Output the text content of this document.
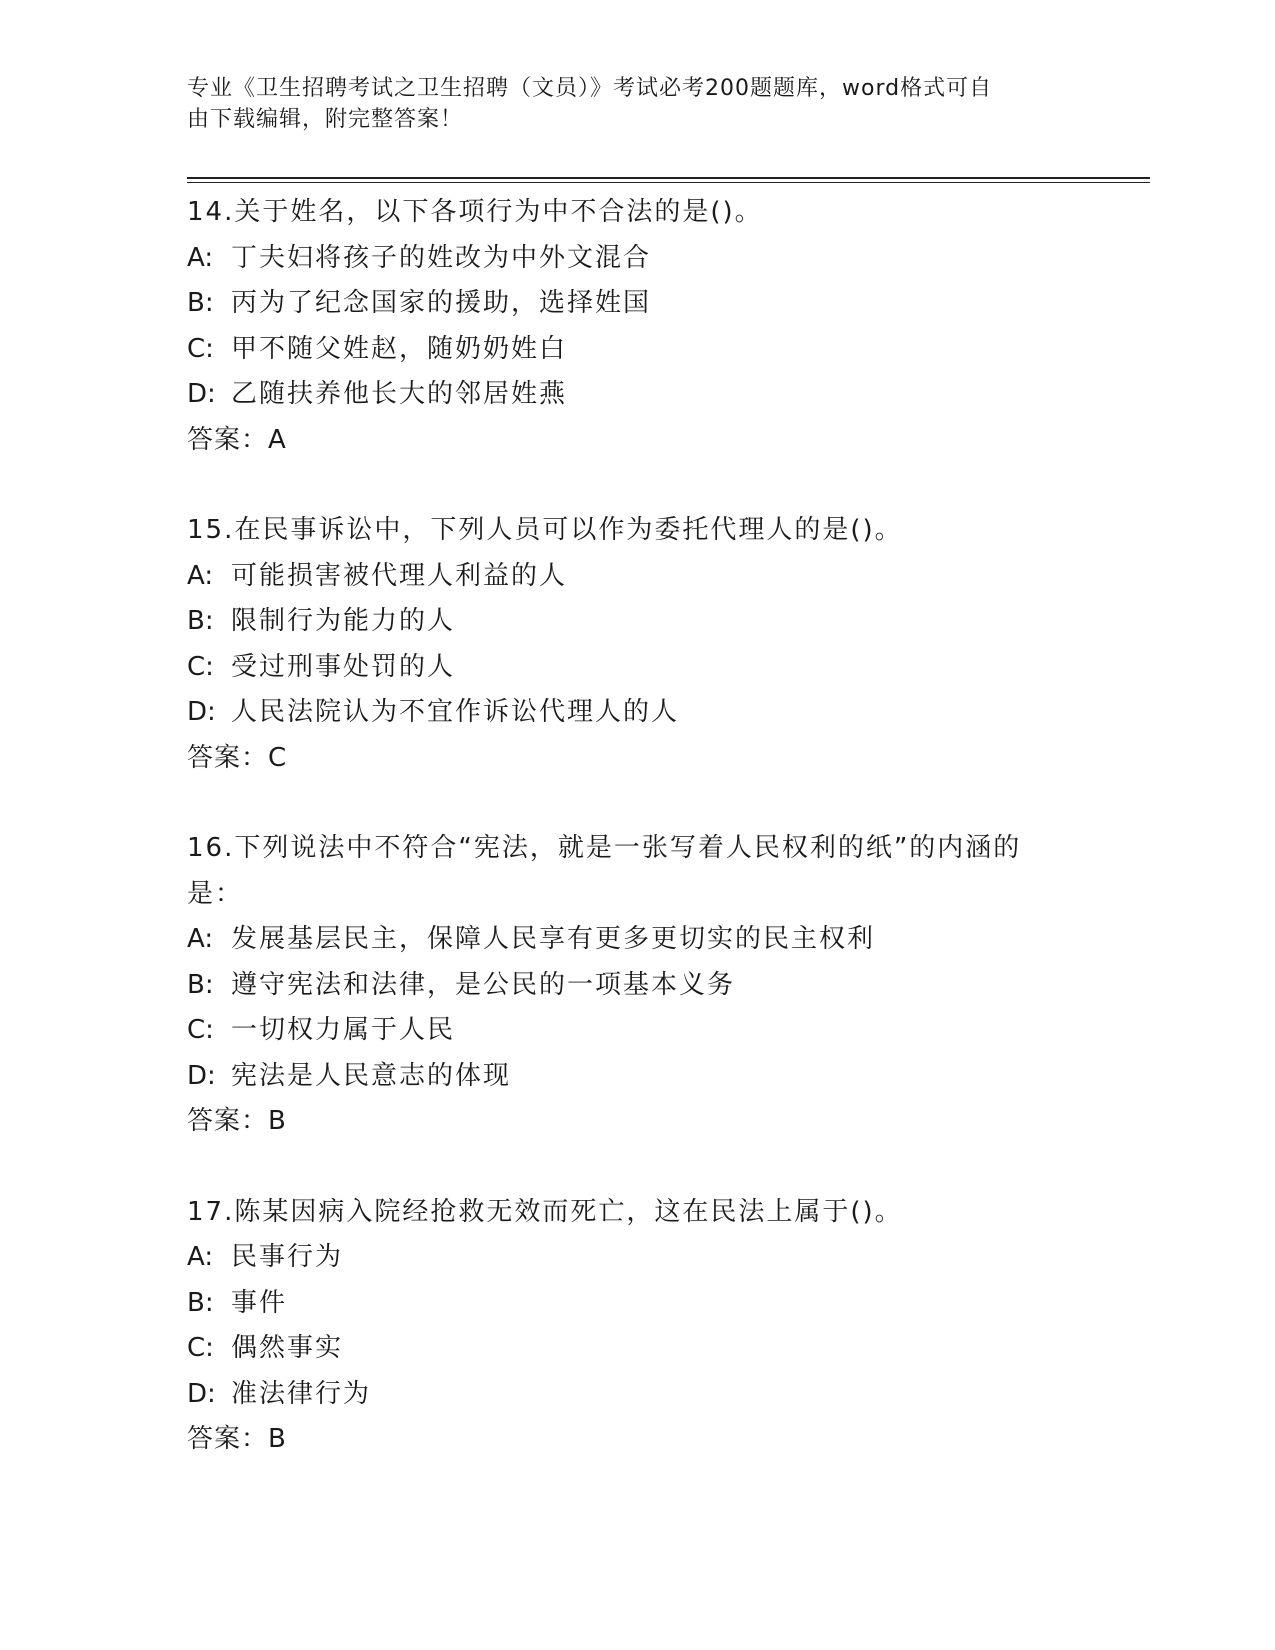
专业《卫生招聘考试之卫生招聘（文员）》考试必考200题题库，word格式可自
由下载编辑，附完整答案！
14.关于姓名，以下各项行为中不合法的是()。
A: 丁夫妇将孩子的姓改为中外文混合
B: 丙为了纪念国家的援助，选择姓国
C: 甲不随父姓赵，随奶奶姓白
D: 乙随扶养他长大的邻居姓燕
答案：A
15.在民事诉讼中，下列人员可以作为委托代理人的是()。
A: 可能损害被代理人利益的人
B: 限制行为能力的人
C: 受过刑事处罚的人
D: 人民法院认为不宜作诉讼代理人的人
答案：C
16.下列说法中不符合“宪法，就是一张写着人民权利的纸”的内涵的是：
A: 发展基层民主，保障人民享有更多更切实的民主权利
B: 遵守宪法和法律，是公民的一项基本义务
C: 一切权力属于人民
D: 宪法是人民意志的体现
答案：B
17.陈某因病入院经抢救无效而死亡，这在民法上属于()。
A: 民事行为
B: 事件
C: 偶然事实
D: 准法律行为
答案：B
